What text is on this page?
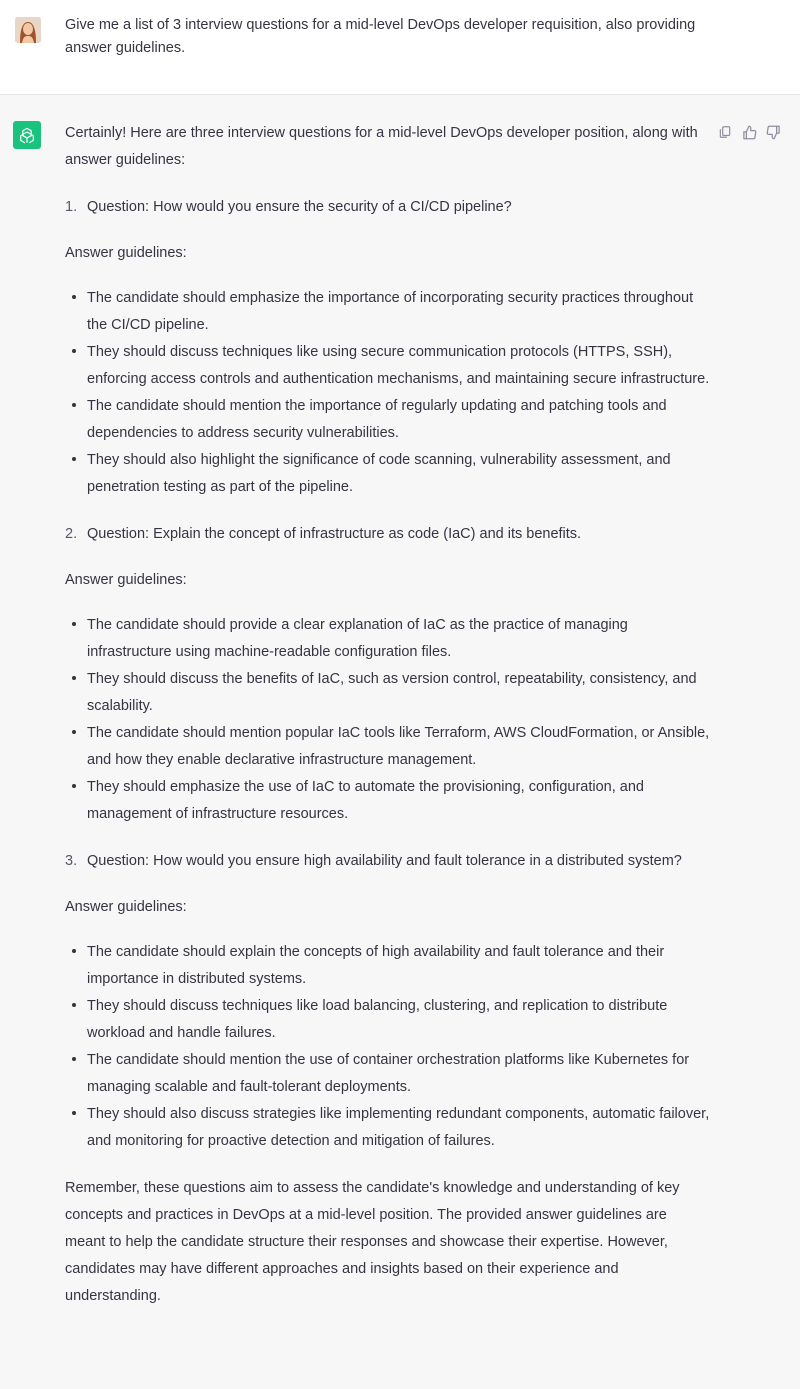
Give me a list of 3 interview questions for a mid-level DevOps developer requisition, also providing answer guidelines.

Certainly! Here are three interview questions for a mid-level DevOps developer position, along with answer guidelines:

1. Question: How would you ensure the security of a CI/CD pipeline?

Answer guidelines:

The candidate should emphasize the importance of incorporating security practices throughout the CI/CD pipeline.
They should discuss techniques like using secure communication protocols (HTTPS, SSH), enforcing access controls and authentication mechanisms, and maintaining secure infrastructure.
The candidate should mention the importance of regularly updating and patching tools and dependencies to address security vulnerabilities.
They should also highlight the significance of code scanning, vulnerability assessment, and penetration testing as part of the pipeline.
2. Question: Explain the concept of infrastructure as code (IaC) and its benefits.

Answer guidelines:

The candidate should provide a clear explanation of IaC as the practice of managing infrastructure using machine-readable configuration files.
They should discuss the benefits of IaC, such as version control, repeatability, consistency, and scalability.
The candidate should mention popular IaC tools like Terraform, AWS CloudFormation, or Ansible, and how they enable declarative infrastructure management.
They should emphasize the use of IaC to automate the provisioning, configuration, and management of infrastructure resources.
3. Question: How would you ensure high availability and fault tolerance in a distributed system?

Answer guidelines:

The candidate should explain the concepts of high availability and fault tolerance and their importance in distributed systems.
They should discuss techniques like load balancing, clustering, and replication to distribute workload and handle failures.
The candidate should mention the use of container orchestration platforms like Kubernetes for managing scalable and fault-tolerant deployments.
They should also discuss strategies like implementing redundant components, automatic failover, and monitoring for proactive detection and mitigation of failures.

Remember, these questions aim to assess the candidate's knowledge and understanding of key concepts and practices in DevOps at a mid-level position. The provided answer guidelines are meant to help the candidate structure their responses and showcase their expertise. However, candidates may have different approaches and insights based on their experience and understanding.
